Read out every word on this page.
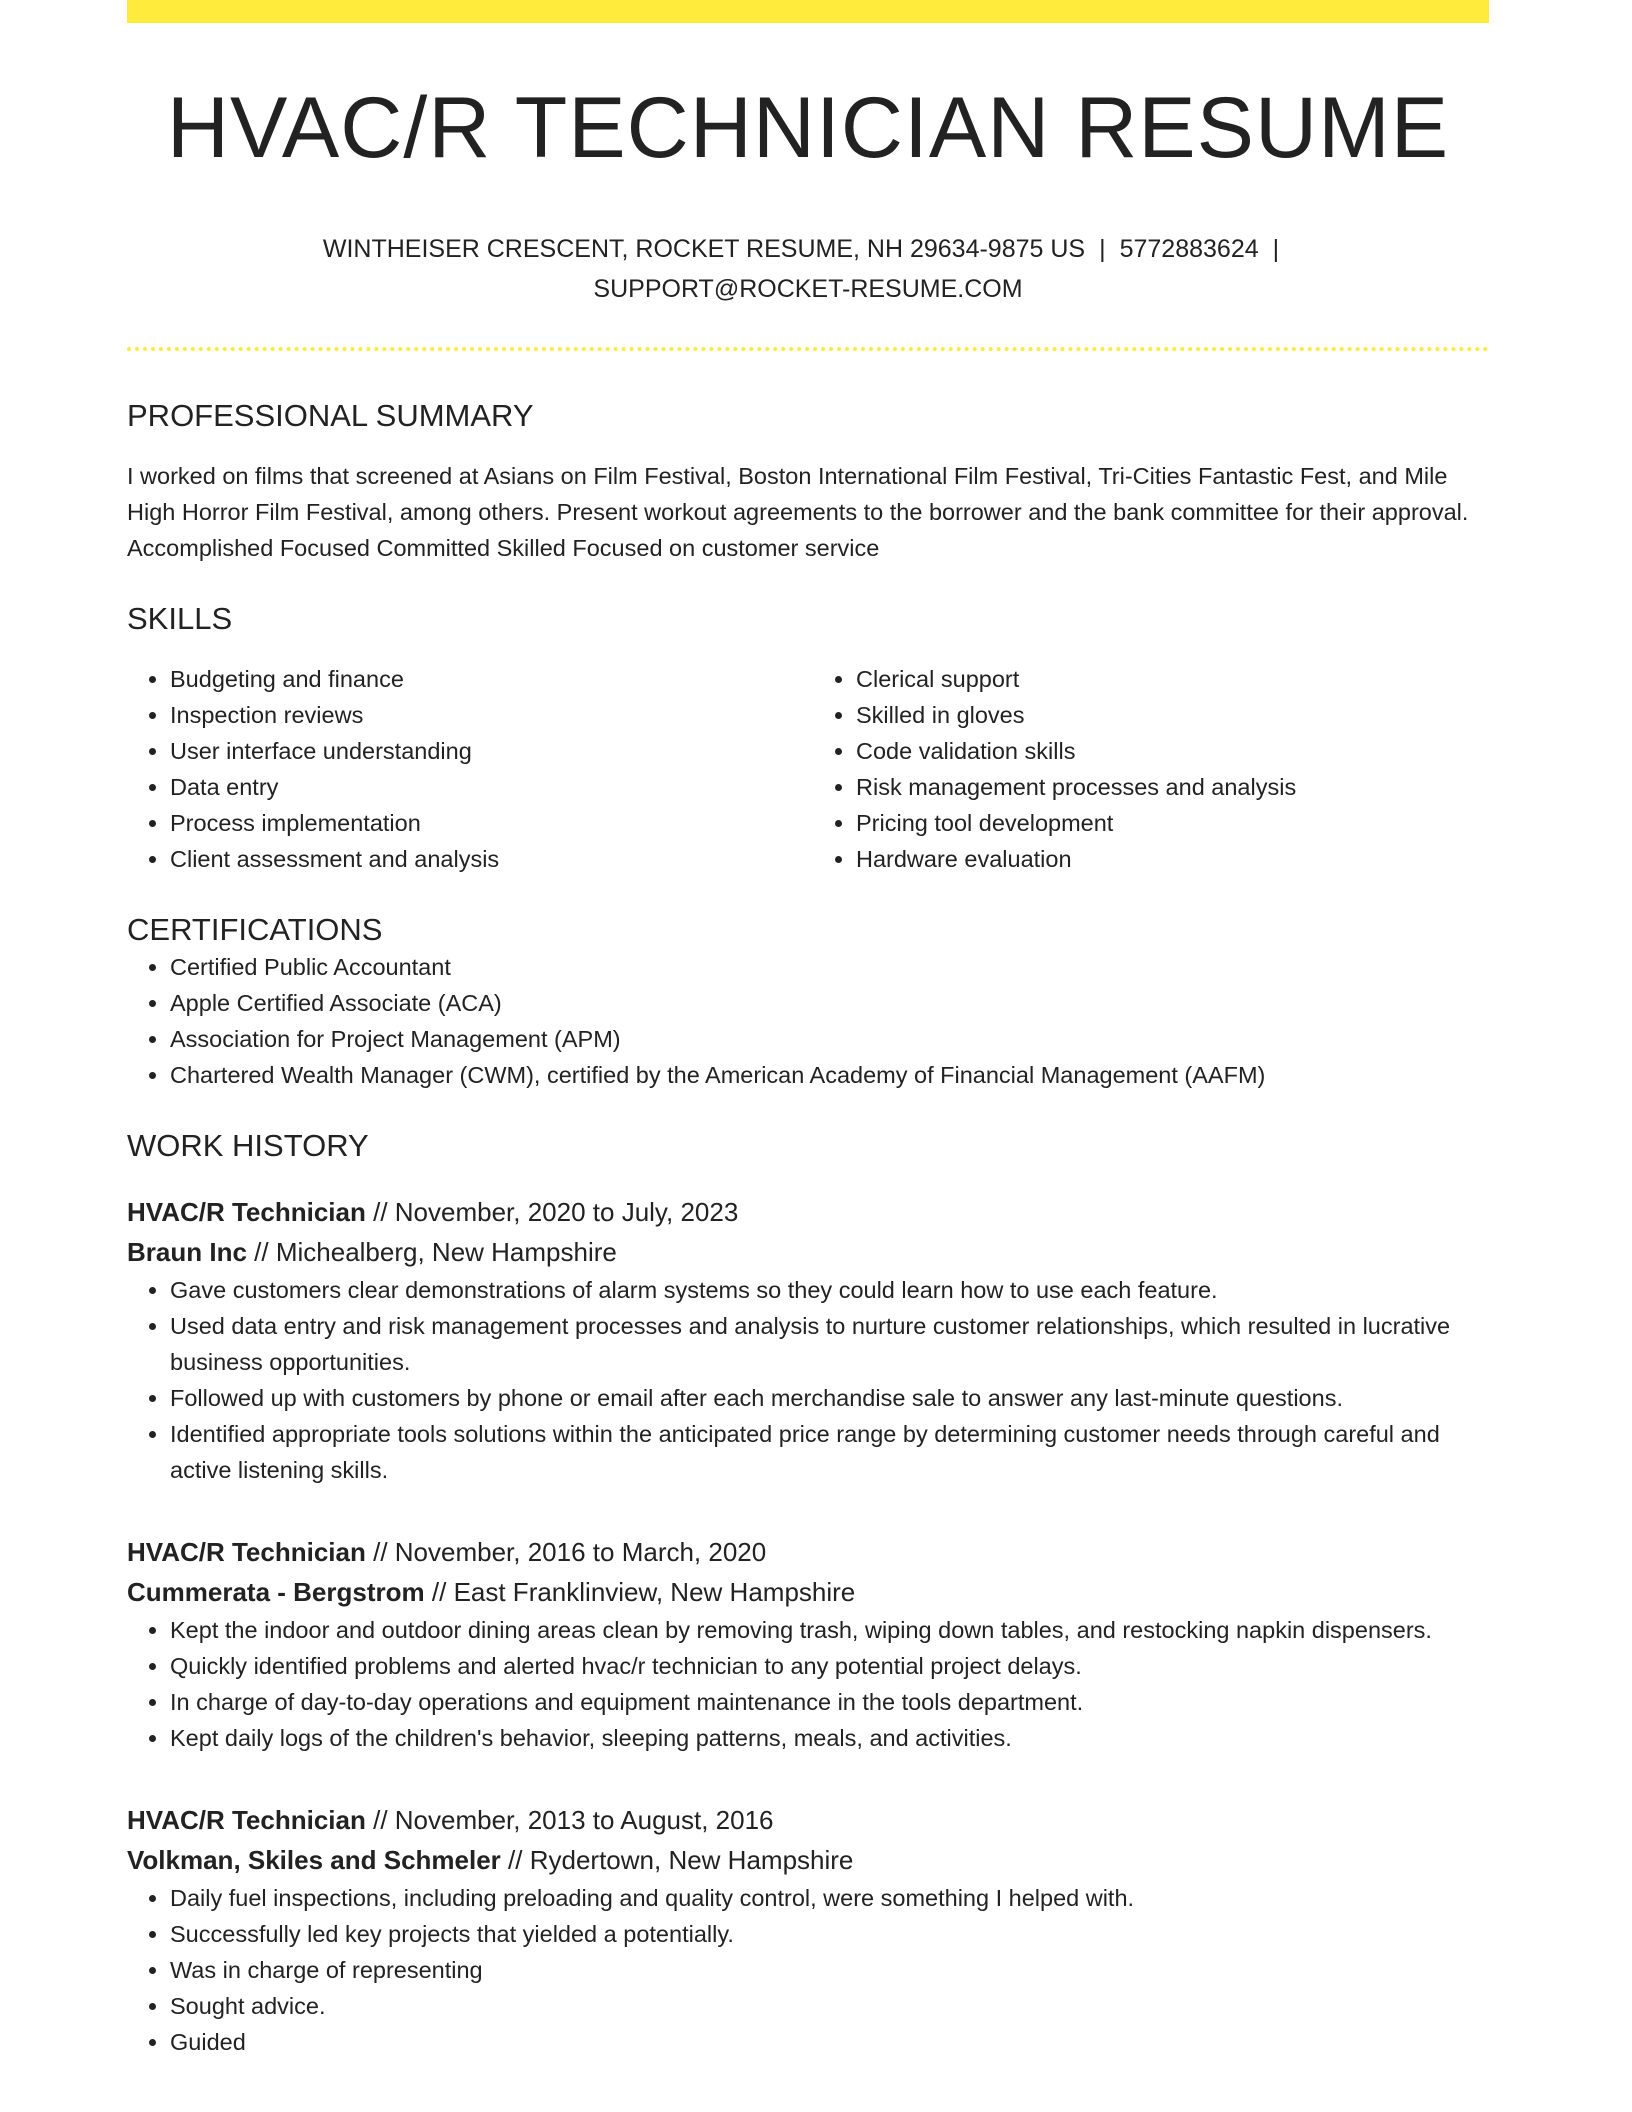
HVAC/R TECHNICIAN RESUME
WINTHEISER CRESCENT, ROCKET RESUME, NH 29634-9875 US | 5772883624 |
SUPPORT@ROCKET-RESUME.COM
PROFESSIONAL SUMMARY

I worked on films that screened at Asians on Film Festival, Boston International Film Festival, Tri-Cities Fantastic Fest, and Mile High Horror Film Festival, among others. Present workout agreements to the borrower and the bank committee for their approval. Accomplished Focused Committed Skilled Focused on customer service

SKILLS
• Budgeting and finance
• Inspection reviews
• User interface understanding
• Data entry
• Process implementation
• Client assessment and analysis
• Clerical support
• Skilled in gloves
• Code validation skills
• Risk management processes and analysis
• Pricing tool development
• Hardware evaluation
CERTIFICATIONS
• Certified Public Accountant
• Apple Certified Associate (ACA)
• Association for Project Management (APM)
• Chartered Wealth Manager (CWM), certified by the American Academy of Financial Management (AAFM)
WORK HISTORY
HVAC/R Technician // November, 2020 to July, 2023
Braun Inc // Michealberg, New Hampshire
• Gave customers clear demonstrations of alarm systems so they could learn how to use each feature.
• Used data entry and risk management processes and analysis to nurture customer relationships, which resulted in lucrative business opportunities.
• Followed up with customers by phone or email after each merchandise sale to answer any last-minute questions.
• Identified appropriate tools solutions within the anticipated price range by determining customer needs through careful and active listening skills.
HVAC/R Technician // November, 2016 to March, 2020
Cummerata - Bergstrom // East Franklinview, New Hampshire
• Kept the indoor and outdoor dining areas clean by removing trash, wiping down tables, and restocking napkin dispensers.
• Quickly identified problems and alerted hvac/r technician to any potential project delays.
• In charge of day-to-day operations and equipment maintenance in the tools department.
• Kept daily logs of the children's behavior, sleeping patterns, meals, and activities.
HVAC/R Technician // November, 2013 to August, 2016
Volkman, Skiles and Schmeler // Rydertown, New Hampshire
• Daily fuel inspections, including preloading and quality control, were something I helped with.
• Successfully led key projects that yielded a potentially.
• Was in charge of representing
• Sought advice.
• Guided
